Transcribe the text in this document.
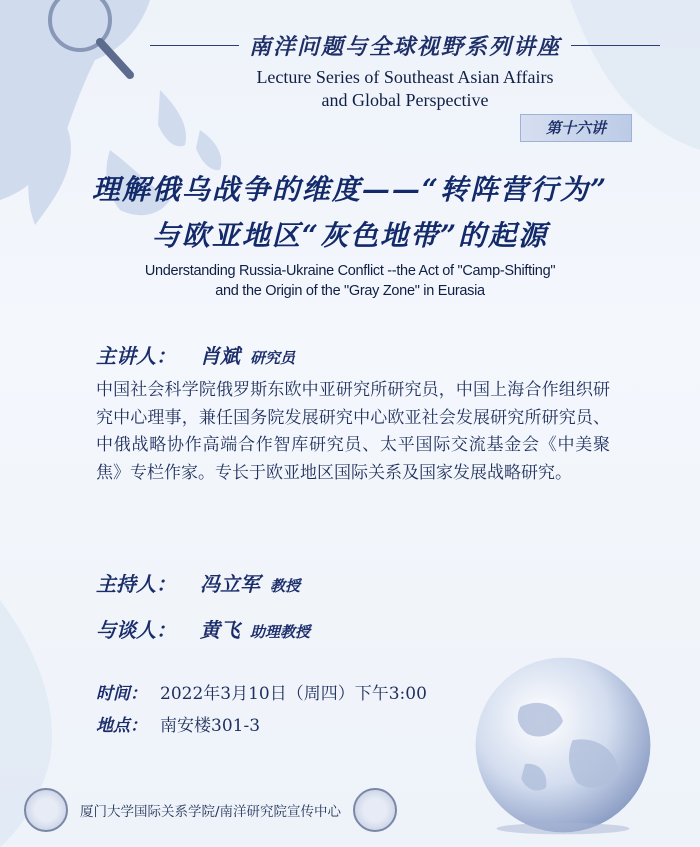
南洋问题与全球视野系列讲座
Lecture Series of Southeast Asian Affairs
and Global Perspective
第十六讲
理解俄乌战争的维度——“转阵营行为”
与欧亚地区“灰色地带”的起源
Understanding Russia-Ukraine Conflict --the Act of "Camp-Shifting"
and the Origin of the "Gray Zone" in Eurasia
主讲人：	肖斌 研究员
中国社会科学院俄罗斯东欧中亚研究所研究员，中国上海合作组织研究中心理事，兼任国务院发展研究中心欧亚社会发展研究所研究员、中俄战略协作高端合作智库研究员、太平国际交流基金会《中美聚焦》专栏作家。专长于欧亚地区国际关系及国家发展战略研究。
主持人：	冯立军 教授
与谈人：	黄飞 助理教授
时间： 2022年3月10日（周四）下午3:00
地点： 南安楼301-3
厦门大学国际关系学院/南洋研究院宣传中心
